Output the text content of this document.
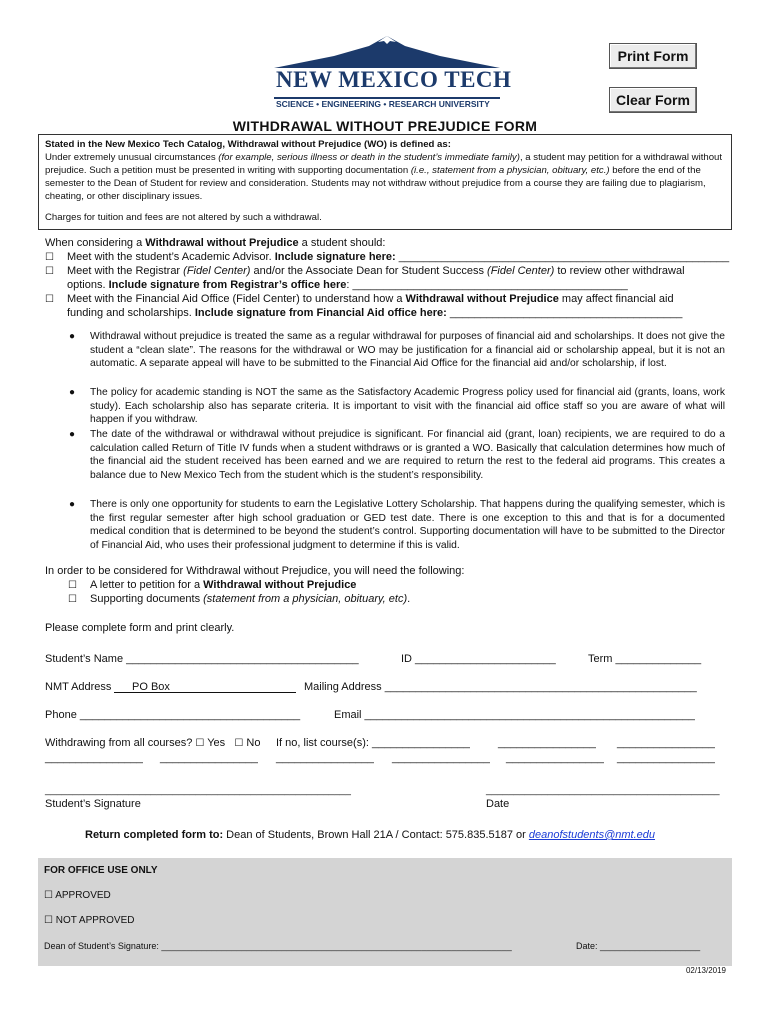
NEW MEXICO TECH
SCIENCE • ENGINEERING • RESEARCH UNIVERSITY
Print Form
Clear Form
WITHDRAWAL WITHOUT PREJUDICE FORM
Stated in the New Mexico Tech Catalog, Withdrawal without Prejudice (WO) is defined as:

Under extremely unusual circumstances (for example, serious illness or death in the student’s immediate family), a student may petition for a withdrawal without prejudice. Such a petition must be presented in writing with supporting documentation (i.e., statement from a physician, obituary, etc.) before the end of the semester to the Dean of Student for review and consideration. Students may not withdraw without prejudice from a course they are failing due to plagiarism, cheating, or other disciplinary issues.

Charges for tuition and fees are not altered by such a withdrawal.

When considering a Withdrawal without Prejudice a student should:
☐ Meet with the student’s Academic Advisor. Include signature here: ______________________________________________________
☐ Meet with the Registrar (Fidel Center) and/or the Associate Dean for Student Success (Fidel Center) to review other withdrawal
options. Include signature from Registrar’s office here: _____________________________________________
☐ Meet with the Financial Aid Office (Fidel Center) to understand how a Withdrawal without Prejudice may affect financial aid
funding and scholarships. Include signature from Financial Aid office here: ______________________________________
● Withdrawal without prejudice is treated the same as a regular withdrawal for purposes of financial aid and scholarships. It does not give the student a “clean slate”. The reasons for the withdrawal or WO may be justification for a financial aid or scholarship appeal, but it is not an automatic. A separate appeal will have to be submitted to the Financial Aid Office for the financial aid and/or scholarship, if lost.
● The policy for academic standing is NOT the same as the Satisfactory Academic Progress policy used for financial aid (grants, loans, work study). Each scholarship also has separate criteria. It is important to visit with the financial aid office staff so you are aware of what will happen if you withdraw.
● The date of the withdrawal or withdrawal without prejudice is significant. For financial aid (grant, loan) recipients, we are required to do a calculation called Return of Title IV funds when a student withdraws or is granted a WO. Basically that calculation determines how much of the financial aid the student received has been earned and we are required to return the rest to the federal aid programs. This creates a balance due to New Mexico Tech from the student which is the student’s responsibility.
● There is only one opportunity for students to earn the Legislative Lottery Scholarship. That happens during the qualifying semester, which is the first regular semester after high school graduation or GED test date. There is one exception to this and that is for a documented medical condition that is determined to be beyond the student’s control. Supporting documentation will have to be submitted to the Director of Financial Aid, who uses their professional judgment to determine if this is valid.
In order to be considered for Withdrawal without Prejudice, you will need the following:
☐ A letter to petition for a Withdrawal without Prejudice
☐ Supporting documents (statement from a physician, obituary, etc).
Please complete form and print clearly.
Student’s Name ______________________________________	ID _______________________	Term ______________
NMT Address	PO Box	Mailing Address ___________________________________________________
Phone ____________________________________	Email ______________________________________________________
Withdrawing from all courses? ☐ Yes ☐ No	If no, list course(s): ________________	________________ ________________
________________ ________________ ________________ ________________ ________________ ________________
_______________________________________________________	__________________________________________
Student’s Signature	Date
Return completed form to: Dean of Students, Brown Hall 21A / Contact: 575.835.5187 or deanofstudents@nmt.edu
FOR OFFICE USE ONLY
☐ APPROVED
☐ NOT APPROVED
Dean of Student’s Signature: ______________________________________________________________________	Date: ____________________
02/13/2019
